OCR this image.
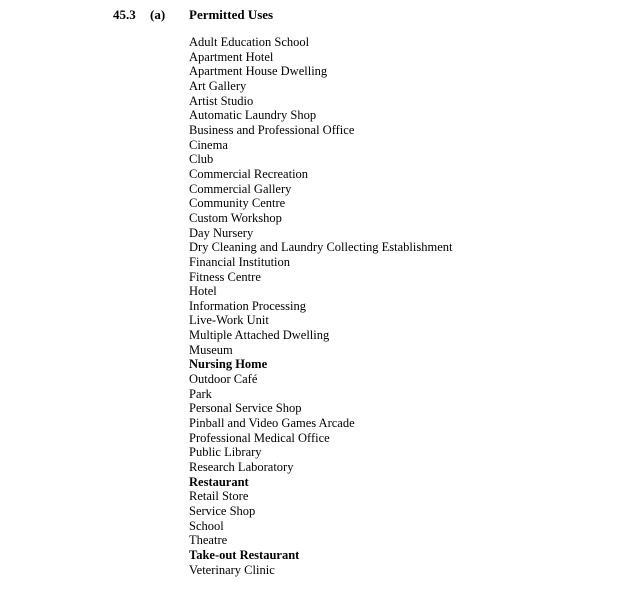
45.3 (a) Permitted Uses
Adult Education School
Apartment Hotel
Apartment House Dwelling
Art Gallery
Artist Studio
Automatic Laundry Shop
Business and Professional Office
Cinema
Club
Commercial Recreation
Commercial Gallery
Community Centre
Custom Workshop
Day Nursery
Dry Cleaning and Laundry Collecting Establishment
Financial Institution
Fitness Centre
Hotel
Information Processing
Live-Work Unit
Multiple Attached Dwelling
Museum
Nursing Home
Outdoor Café
Park
Personal Service Shop
Pinball and Video Games Arcade
Professional Medical Office
Public Library
Research Laboratory
Restaurant
Retail Store
Service Shop
School
Theatre
Take-out Restaurant
Veterinary Clinic
